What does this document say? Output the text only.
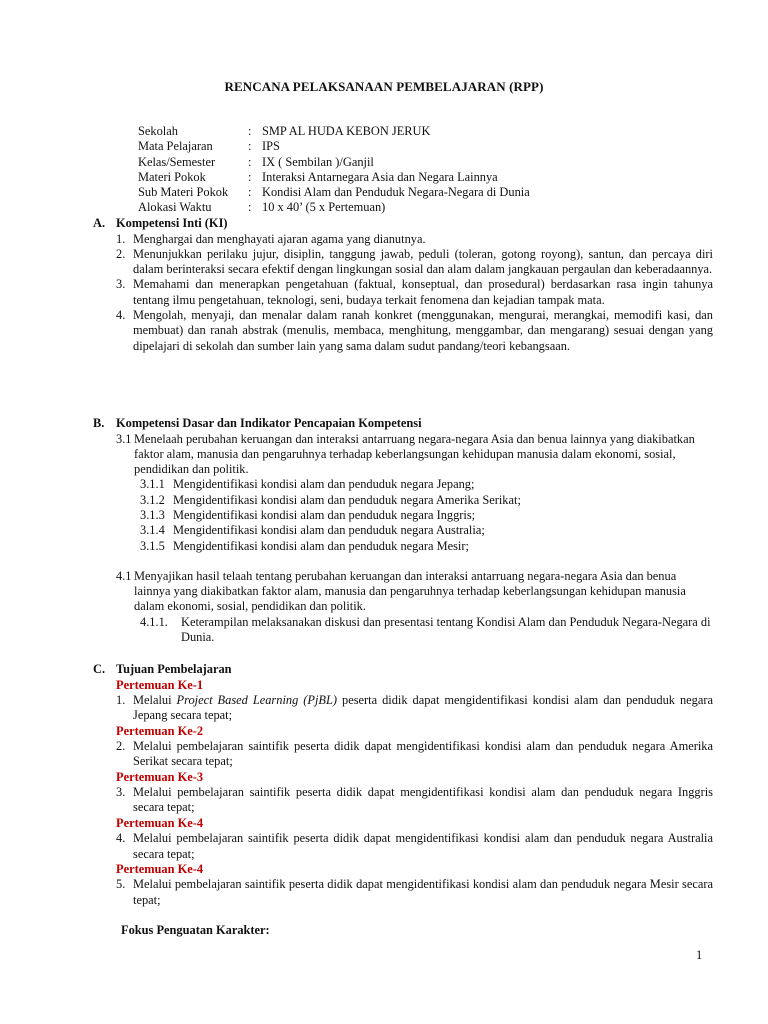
RENCANA PELAKSANAAN PEMBELAJARAN (RPP)
Sekolah	: SMP AL HUDA KEBON JERUK
Mata Pelajaran	: IPS
Kelas/Semester	: IX ( Sembilan )/Ganjil
Materi Pokok	: Interaksi Antarnegara Asia dan Negara Lainnya
Sub Materi Pokok : Kondisi Alam dan Penduduk Negara-Negara di Dunia
Alokasi Waktu	: 10 x 40’ (5 x Pertemuan)
A. Kompetensi Inti (KI)
1. Menghargai dan menghayati ajaran agama yang dianutnya.
2. Menunjukkan perilaku jujur, disiplin, tanggung jawab, peduli (toleran, gotong royong), santun, dan percaya diri dalam berinteraksi secara efektif dengan lingkungan sosial dan alam dalam jangkauan pergaulan dan keberadaannya.
3. Memahami dan menerapkan pengetahuan (faktual, konseptual, dan prosedural) berdasarkan rasa ingin tahunya tentang ilmu pengetahuan, teknologi, seni, budaya terkait fenomena dan kejadian tampak mata.
4. Mengolah, menyaji, dan menalar dalam ranah konkret (menggunakan, mengurai, merangkai, memodifi kasi, dan membuat) dan ranah abstrak (menulis, membaca, menghitung, menggambar, dan mengarang) sesuai dengan yang dipelajari di sekolah dan sumber lain yang sama dalam sudut pandang/teori kebangsaan.
B. Kompetensi Dasar dan Indikator Pencapaian Kompetensi
3.1 Menelaah perubahan keruangan dan interaksi antarruang negara-negara Asia dan benua lainnya yang diakibatkan faktor alam, manusia dan pengaruhnya terhadap keberlangsungan kehidupan manusia dalam ekonomi, sosial, pendidikan dan politik.
3.1.1 Mengidentifikasi kondisi alam dan penduduk negara Jepang;
3.1.2 Mengidentifikasi kondisi alam dan penduduk negara Amerika Serikat;
3.1.3 Mengidentifikasi kondisi alam dan penduduk negara Inggris;
3.1.4 Mengidentifikasi kondisi alam dan penduduk negara Australia;
3.1.5 Mengidentifikasi kondisi alam dan penduduk negara Mesir;
4.1 Menyajikan hasil telaah tentang perubahan keruangan dan interaksi antarruang negara-negara Asia dan benua lainnya yang diakibatkan faktor alam, manusia dan pengaruhnya terhadap keberlangsungan kehidupan manusia dalam ekonomi, sosial, pendidikan dan politik.
4.1.1. Keterampilan melaksanakan diskusi dan presentasi tentang Kondisi Alam dan Penduduk Negara-Negara di Dunia.
C. Tujuan Pembelajaran
Pertemuan Ke-1
1. Melalui Project Based Learning (PjBL) peserta didik dapat mengidentifikasi kondisi alam dan penduduk negara Jepang secara tepat;
Pertemuan Ke-2
2. Melalui pembelajaran saintifik peserta didik dapat mengidentifikasi kondisi alam dan penduduk negara Amerika Serikat secara tepat;
Pertemuan Ke-3
3. Melalui pembelajaran saintifik peserta didik dapat mengidentifikasi kondisi alam dan penduduk negara Inggris secara tepat;
Pertemuan Ke-4
4. Melalui pembelajaran saintifik peserta didik dapat mengidentifikasi kondisi alam dan penduduk negara Australia secara tepat;
Pertemuan Ke-4
5. Melalui pembelajaran saintifik peserta didik dapat mengidentifikasi kondisi alam dan penduduk negara Mesir secara tepat;
Fokus Penguatan Karakter:
1
